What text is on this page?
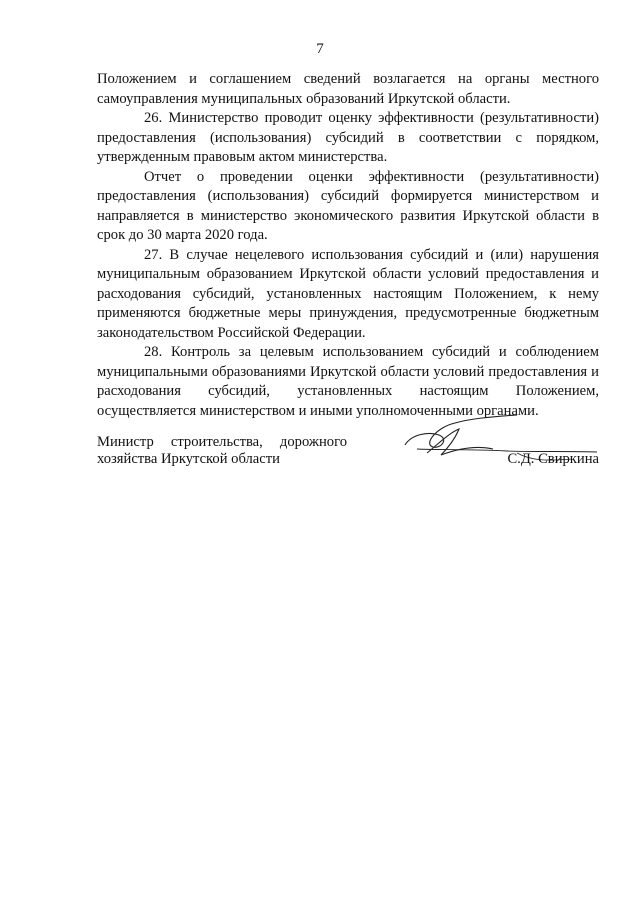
7

Положением и соглашением сведений возлагается на органы местного самоуправления муниципальных образований Иркутской области.

26. Министерство проводит оценку эффективности (результативности) предоставления (использования) субсидий в соответствии с порядком, утвержденным правовым актом министерства.

Отчет о проведении оценки эффективности (результативности) предоставления (использования) субсидий формируется министерством и направляется в министерство экономического развития Иркутской области в срок до 30 марта 2020 года.

27. В случае нецелевого использования субсидий и (или) нарушения муниципальным образованием Иркутской области условий предоставления и расходования субсидий, установленных настоящим Положением, к нему применяются бюджетные меры принуждения, предусмотренные бюджетным законодательством Российской Федерации.

28. Контроль за целевым использованием субсидий и соблюдением муниципальными образованиями Иркутской области условий предоставления и расходования субсидий, установленных настоящим Положением, осуществляется министерством и иными уполномоченными органами.

Министр строительства, дорожного хозяйства Иркутской области	С.Д. Свиркина
